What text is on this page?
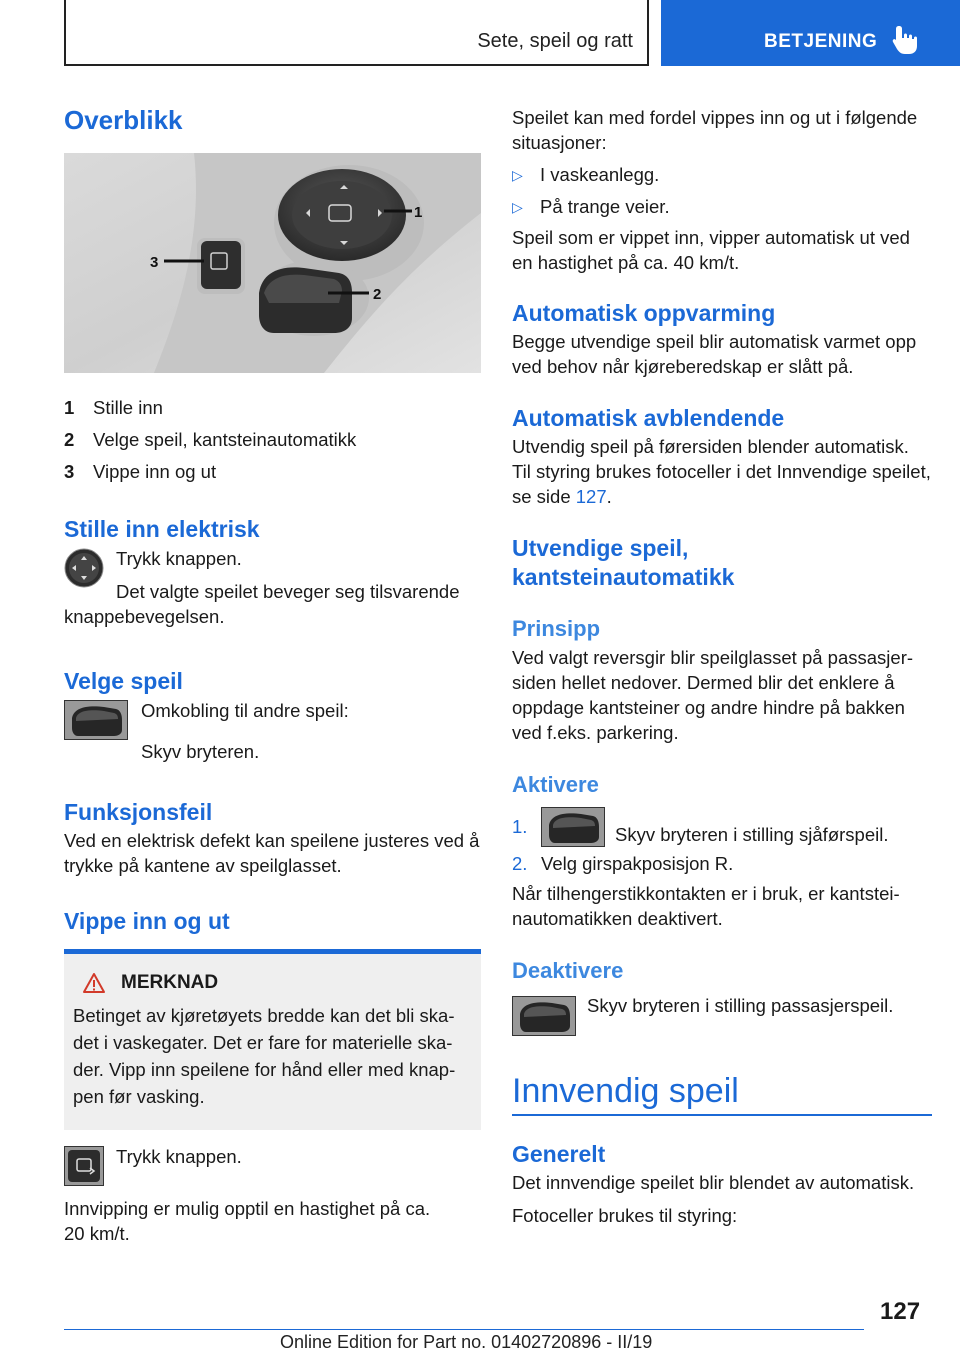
Sete, speil og ratt	BETJENING
Overblikk
1
2
3
1	Stille inn
2	Velge speil, kantsteinautomatikk
3	Vippe inn og ut
Stille inn elektrisk

Trykk knappen.

Det valgte speilet beveger seg tilsvarende

knappebevegelsen.

Velge speil

Omkobling til andre speil:

Skyv bryteren.

Funksjonsfeil

Ved en elektrisk defekt kan speilene justeres ved å trykke på kantene av speilglasset.

Vippe inn og ut
MERKNAD

Betinget av kjøretøyets bredde kan det bli skadet i vaskegater. Det er fare for materielle skader. Vipp inn speilene for hånd eller med knappen før vasking.

Trykk knappen.

Innvipping er mulig opptil en hastighet på ca.

20 km/t.

Speilet kan med fordel vippes inn og ut i følgende situasjoner:

▷ I vaskeanlegg.
▷ På trange veier.

Speil som er vippet inn, vipper automatisk ut ved en hastighet på ca. 40 km/t.

Automatisk oppvarming

Begge utvendige speil blir automatisk varmet opp ved behov når kjøreberedskap er slått på.

Automatisk avblendende

Utvendig speil på førersiden blender automatisk. Til styring brukes fotoceller i det Innvendige speilet, se side 127.

Utvendige speil,
kantsteinautomatikk
Prinsipp

Ved valgt reversgir blir speilglasset på passasjersiden hellet nedover. Dermed blir det enklere å oppdage kantsteiner og andre hindre på bakken ved f.eks. parkering.

Aktivere
1.	Skyv bryteren i stilling sjåførspeil.
2. Velg girspakposisjon R.

Når tilhengerstikkontakten er i bruk, er kantsteinautomatikken deaktivert.

Deaktivere

Skyv bryteren i stilling passasjerspeil.

Innvendig speil
Generelt

Det innvendige speilet blir blendet av automatisk.

Fotoceller brukes til styring:

127
Online Edition for Part no. 01402720896 - II/19
